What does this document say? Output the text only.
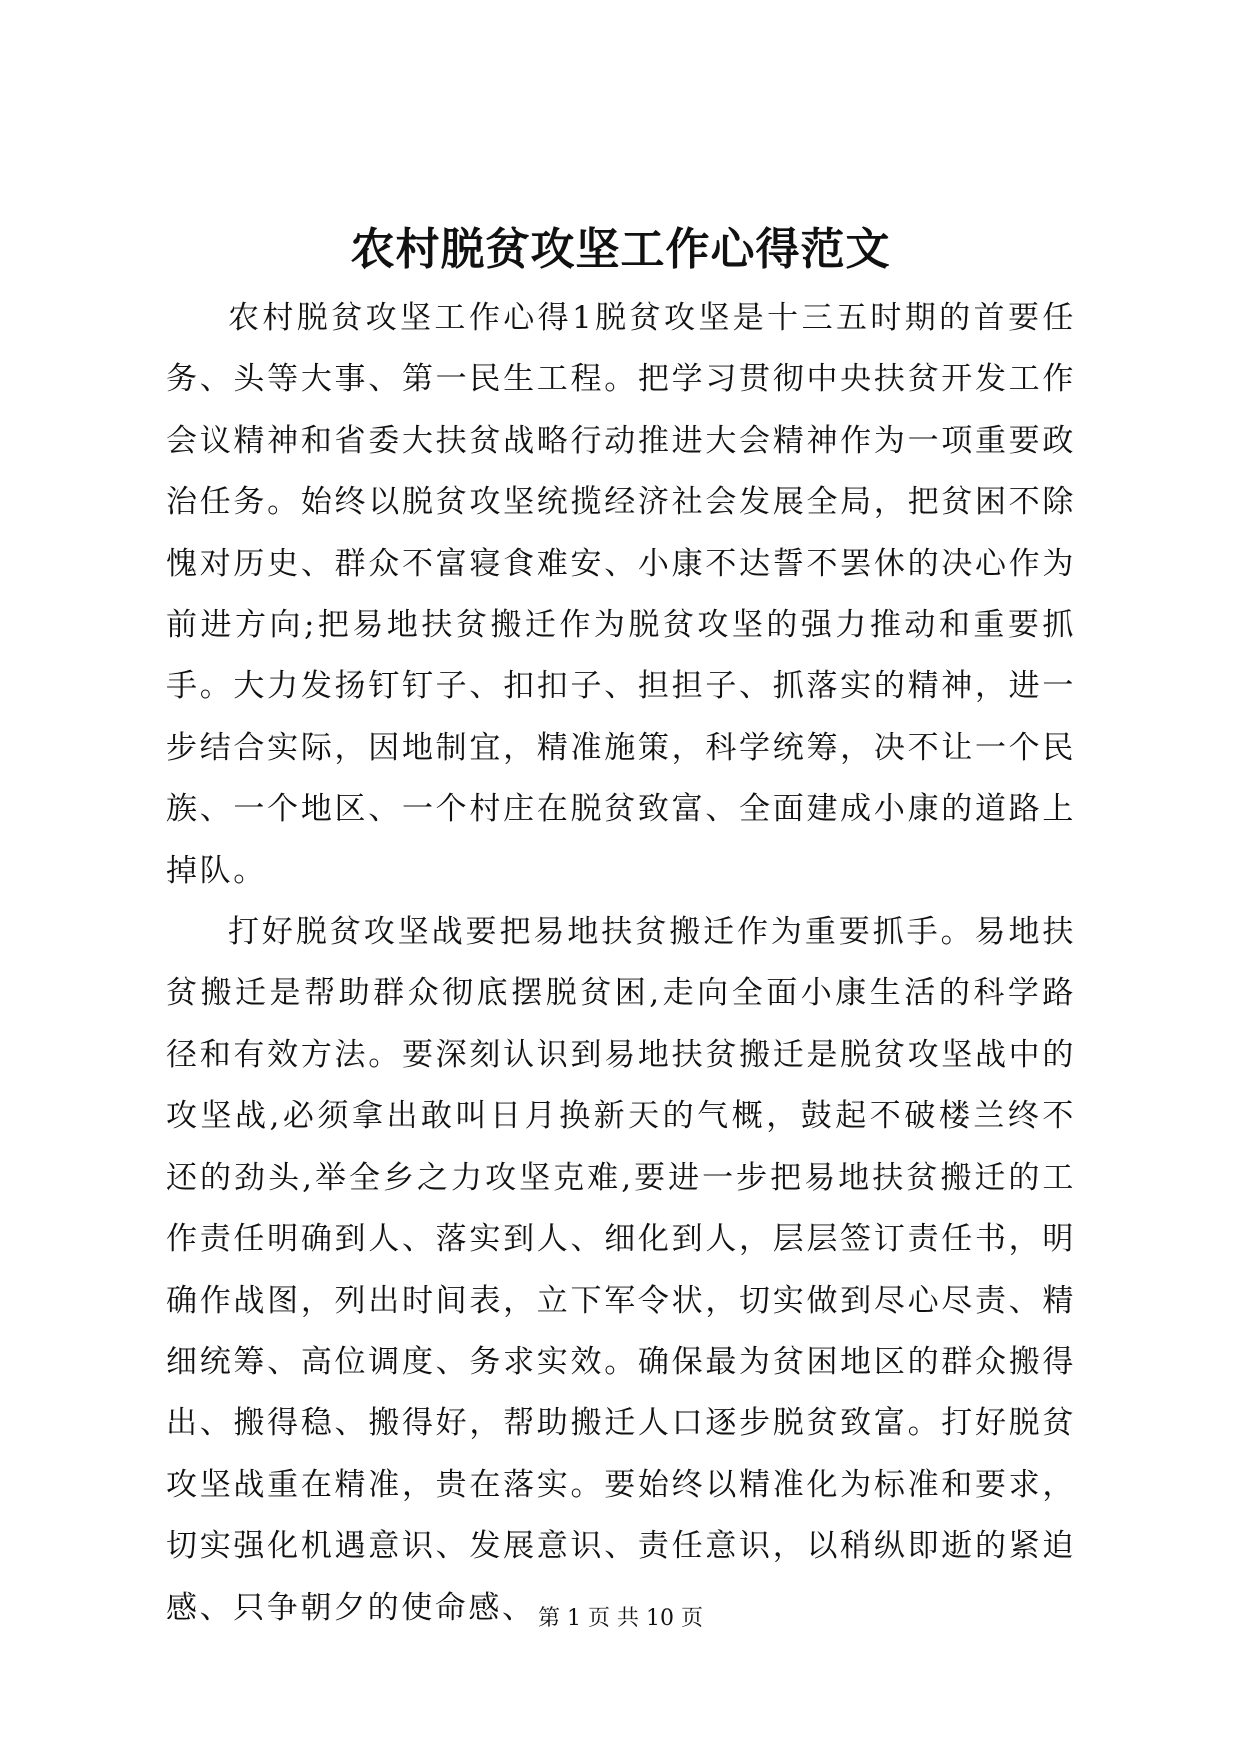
农村脱贫攻坚工作心得范文

农村脱贫攻坚工作心得1脱贫攻坚是十三五时期的首要任务、头等大事、第一民生工程。把学习贯彻中央扶贫开发工作会议精神和省委大扶贫战略行动推进大会精神作为一项重要政治任务。始终以脱贫攻坚统揽经济社会发展全局，把贫困不除愧对历史、群众不富寝食难安、小康不达誓不罢休的决心作为前进方向;把易地扶贫搬迁作为脱贫攻坚的强力推动和重要抓手。大力发扬钉钉子、扣扣子、担担子、抓落实的精神，进一步结合实际，因地制宜，精准施策，科学统筹，决不让一个民族、一个地区、一个村庄在脱贫致富、全面建成小康的道路上掉队。

打好脱贫攻坚战要把易地扶贫搬迁作为重要抓手。易地扶贫搬迁是帮助群众彻底摆脱贫困,走向全面小康生活的科学路径和有效方法。要深刻认识到易地扶贫搬迁是脱贫攻坚战中的攻坚战,必须拿出敢叫日月换新天的气概，鼓起不破楼兰终不还的劲头,举全乡之力攻坚克难,要进一步把易地扶贫搬迁的工作责任明确到人、落实到人、细化到人，层层签订责任书，明确作战图，列出时间表，立下军令状，切实做到尽心尽责、精细统筹、高位调度、务求实效。确保最为贫困地区的群众搬得出、搬得稳、搬得好，帮助搬迁人口逐步脱贫致富。打好脱贫攻坚战重在精准，贵在落实。要始终以精准化为标准和要求，切实强化机遇意识、发展意识、责任意识，以稍纵即逝的紧迫感、只争朝夕的使命感、 第 1 页 共 10 页
